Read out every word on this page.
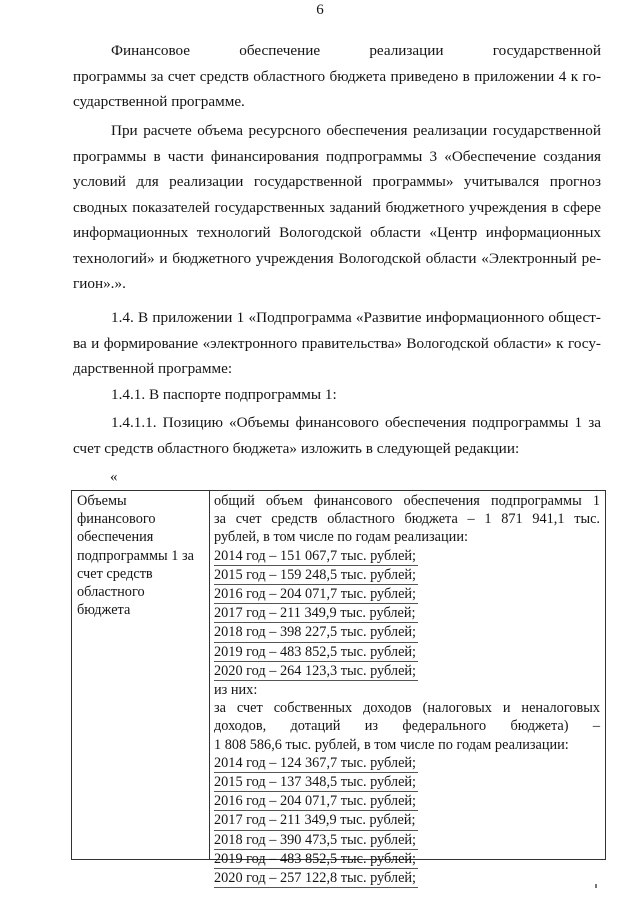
6
Финансовое обеспечение реализации государственной
программы за счет средств областного бюджета приведено в приложении 4 к го-
сударственной программе.
При расчете объема ресурсного обеспечения реализации государственной
программы в части финансирования подпрограммы 3 «Обеспечение создания
условий для реализации государственной программы» учитывался прогноз
сводных показателей государственных заданий бюджетного учреждения в сфере
информационных технологий Вологодской области «Центр информационных
технологий» и бюджетного учреждения Вологодской области «Электронный ре-
гион».».
1.4. В приложении 1 «Подпрограмма «Развитие информационного общест-
ва и формирование «электронного правительства» Вологодской области» к госу-
дарственной программе:
1.4.1. В паспорте подпрограммы 1:
1.4.1.1. Позицию «Объемы финансового обеспечения подпрограммы 1 за
счет средств областного бюджета» изложить в следующей редакции:
«
Объемы
финансового
обеспечения
подпрограммы 1 за
счет средств
областного
бюджета
общий объем финансового обеспечения подпрограммы 1
за счет средств областного бюджета – 1 871 941,1 тыс.
рублей, в том числе по годам реализации:
2014 год – 151 067,7 тыс. рублей;
2015 год – 159 248,5 тыс. рублей;
2016 год – 204 071,7 тыс. рублей;
2017 год – 211 349,9 тыс. рублей;
2018 год – 398 227,5 тыс. рублей;
2019 год – 483 852,5 тыс. рублей;
2020 год – 264 123,3 тыс. рублей;
из них:
за счет собственных доходов (налоговых и неналоговых
доходов, дотаций из федерального бюджета) –
1 808 586,6 тыс. рублей, в том числе по годам реализации:
2014 год – 124 367,7 тыс. рублей;
2015 год – 137 348,5 тыс. рублей;
2016 год – 204 071,7 тыс. рублей;
2017 год – 211 349,9 тыс. рублей;
2018 год – 390 473,5 тыс. рублей;
2019 год – 483 852,5 тыс. рублей;
2020 год – 257 122,8 тыс. рублей;
